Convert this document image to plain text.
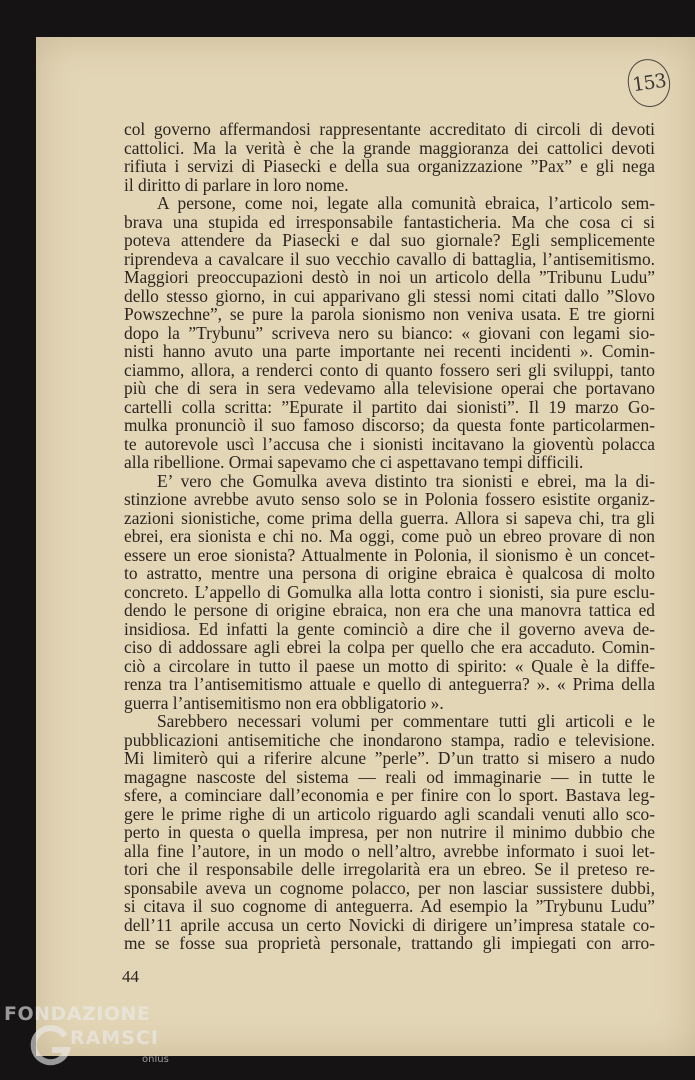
153

col governo affermandosi rappresentante accreditato di circoli di devoti
cattolici. Ma la verità è che la grande maggioranza dei cattolici devoti
rifiuta i servizi di Piasecki e della sua organizzazione ”Pax” e gli nega
il diritto di parlare in loro nome.

A persone, come noi, legate alla comunità ebraica, l’articolo sem-
brava una stupida ed irresponsabile fantasticheria. Ma che cosa ci si
poteva attendere da Piasecki e dal suo giornale? Egli semplicemente
riprendeva a cavalcare il suo vecchio cavallo di battaglia, l’antisemitismo.
Maggiori preoccupazioni destò in noi un articolo della ”Tribunu Ludu”
dello stesso giorno, in cui apparivano gli stessi nomi citati dallo ”Slovo
Powszechne”, se pure la parola sionismo non veniva usata. E tre giorni
dopo la ”Trybunu” scriveva nero su bianco: « giovani con legami sio-
nisti hanno avuto una parte importante nei recenti incidenti ». Comin-
ciammo, allora, a renderci conto di quanto fossero seri gli sviluppi, tanto
più che di sera in sera vedevamo alla televisione operai che portavano
cartelli colla scritta: ”Epurate il partito dai sionisti”. Il 19 marzo Go-
mulka pronunciò il suo famoso discorso; da questa fonte particolarmen-
te autorevole uscì l’accusa che i sionisti incitavano la gioventù polacca
alla ribellione. Ormai sapevamo che ci aspettavano tempi difficili.

E’ vero che Gomulka aveva distinto tra sionisti e ebrei, ma la di-
stinzione avrebbe avuto senso solo se in Polonia fossero esistite organiz-
zazioni sionistiche, come prima della guerra. Allora si sapeva chi, tra gli
ebrei, era sionista e chi no. Ma oggi, come può un ebreo provare di non
essere un eroe sionista? Attualmente in Polonia, il sionismo è un concet-
to astratto, mentre una persona di origine ebraica è qualcosa di molto
concreto. L’appello di Gomulka alla lotta contro i sionisti, sia pure esclu-
dendo le persone di origine ebraica, non era che una manovra tattica ed
insidiosa. Ed infatti la gente cominciò a dire che il governo aveva de-
ciso di addossare agli ebrei la colpa per quello che era accaduto. Comin-
ciò a circolare in tutto il paese un motto di spirito: « Quale è la diffe-
renza tra l’antisemitismo attuale e quello di anteguerra? ». « Prima della
guerra l’antisemitismo non era obbligatorio ».

Sarebbero necessari volumi per commentare tutti gli articoli e le
pubblicazioni antisemitiche che inondarono stampa, radio e televisione.
Mi limiterò qui a riferire alcune ”perle”. D’un tratto si misero a nudo
magagne nascoste del sistema — reali od immaginarie — in tutte le
sfere, a cominciare dall’economia e per finire con lo sport. Bastava leg-
gere le prime righe di un articolo riguardo agli scandali venuti allo sco-
perto in questa o quella impresa, per non nutrire il minimo dubbio che
alla fine l’autore, in un modo o nell’altro, avrebbe informato i suoi let-
tori che il responsabile delle irregolarità era un ebreo. Se il preteso re-
sponsabile aveva un cognome polacco, per non lasciar sussistere dubbi,
si citava il suo cognome di anteguerra. Ad esempio la ”Trybunu Ludu”
dell’11 aprile accusa un certo Novicki di dirigere un’impresa statale co-
me se fosse sua proprietà personale, trattando gli impiegati con arro-

44
FONDAZIONE
RAMSCI
onlus
